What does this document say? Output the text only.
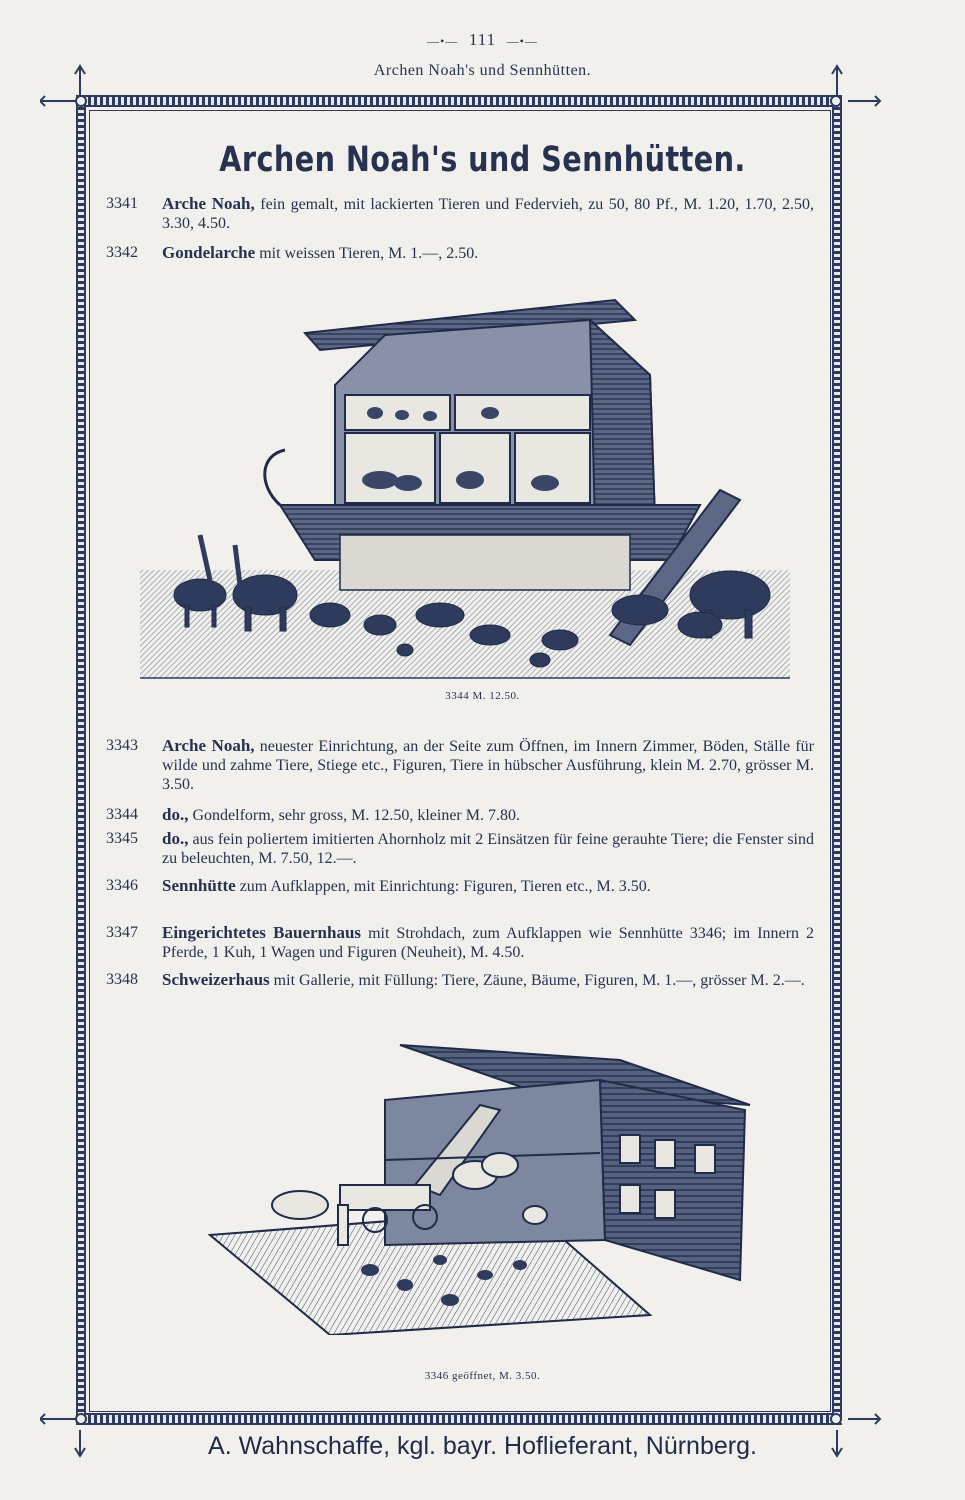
—•— 111 —•—
Archen Noah's und Sennhütten.
Archen Noah's und Sennhütten.
3341	Arche Noah, fein gemalt, mit lackierten Tieren und Federvieh, zu 50, 80 Pf., M. 1.20, 1.70, 2.50, 3.30, 4.50.
3342	Gondelarche mit weissen Tieren, M. 1.—, 2.50.
3344 M. 12.50.
3343	Arche Noah, neuester Einrichtung, an der Seite zum Öffnen, im Innern Zimmer, Böden, Ställe für wilde und zahme Tiere, Stiege etc., Figuren, Tiere in hübscher Ausführung, klein M. 2.70, grösser M. 3.50.
3344	do., Gondelform, sehr gross, M. 12.50, kleiner M. 7.80.
3345	do., aus fein poliertem imitierten Ahornholz mit 2 Einsätzen für feine gerauhte Tiere; die Fenster sind zu beleuchten, M. 7.50, 12.—.
3346	Sennhütte zum Aufklappen, mit Einrichtung: Figuren, Tieren etc., M. 3.50.
3347	Eingerichtetes Bauernhaus mit Strohdach, zum Aufklappen wie Sennhütte 3346; im Innern 2 Pferde, 1 Kuh, 1 Wagen und Figuren (Neuheit), M. 4.50.
3348	Schweizerhaus mit Gallerie, mit Füllung: Tiere, Zäune, Bäume, Figuren, M. 1.—, grösser M. 2.—.
3346 geöffnet, M. 3.50.
A. Wahnschaffe, kgl. bayr. Hoflieferant, Nürnberg.
